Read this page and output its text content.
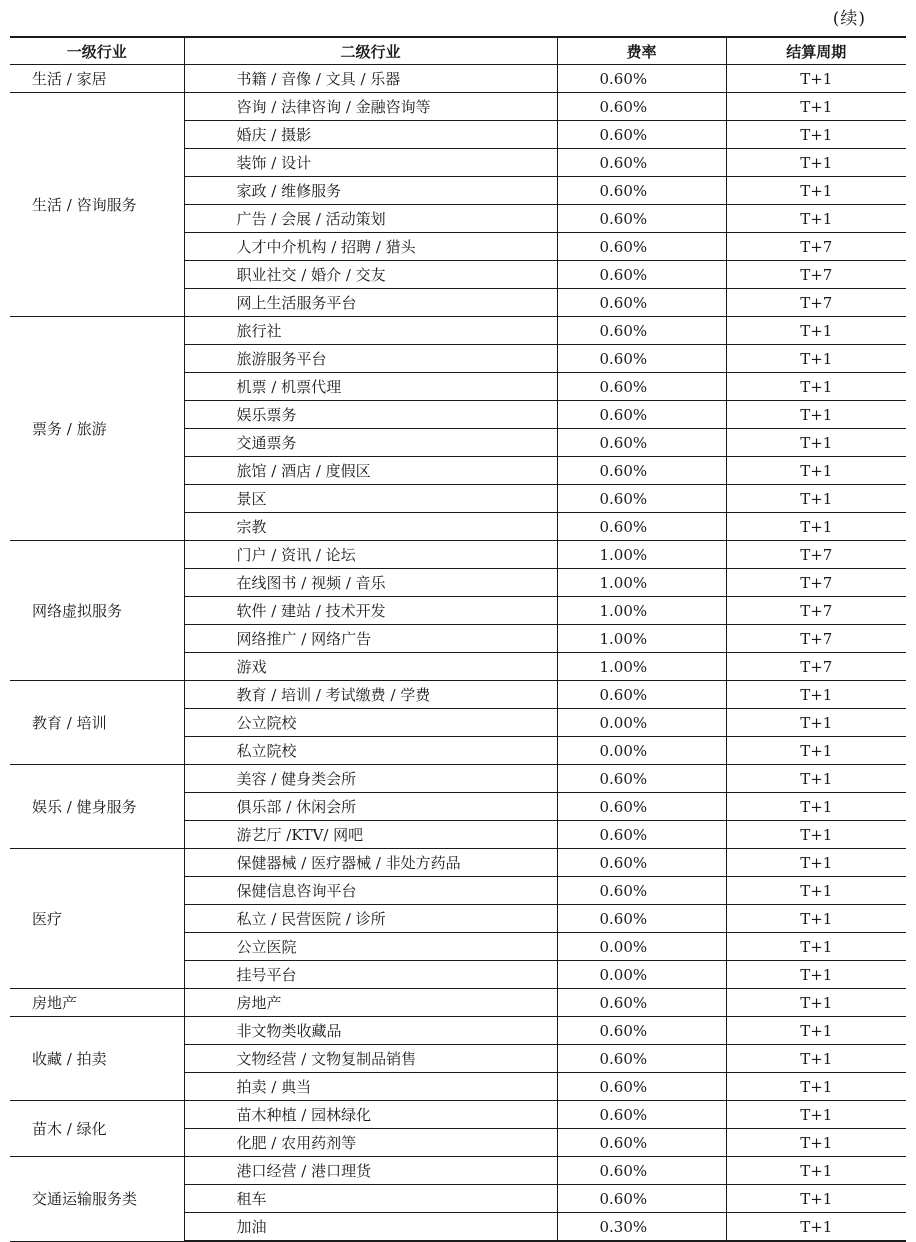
(续)
一级行业	二级行业	费率	结算周期
生活 / 家居	书籍 / 音像 / 文具 / 乐器	0.60%	T+1
生活 / 咨询服务	咨询 / 法律咨询 / 金融咨询等	0.60%	T+1
	婚庆 / 摄影	0.60%	T+1
	装饰 / 设计	0.60%	T+1
	家政 / 维修服务	0.60%	T+1
	广告 / 会展 / 活动策划	0.60%	T+1
	人才中介机构 / 招聘 / 猎头	0.60%	T+7
	职业社交 / 婚介 / 交友	0.60%	T+7
	网上生活服务平台	0.60%	T+7
票务 / 旅游	旅行社	0.60%	T+1
	旅游服务平台	0.60%	T+1
	机票 / 机票代理	0.60%	T+1
	娱乐票务	0.60%	T+1
	交通票务	0.60%	T+1
	旅馆 / 酒店 / 度假区	0.60%	T+1
	景区	0.60%	T+1
	宗教	0.60%	T+1
网络虚拟服务	门户 / 资讯 / 论坛	1.00%	T+7
	在线图书 / 视频 / 音乐	1.00%	T+7
	软件 / 建站 / 技术开发	1.00%	T+7
	网络推广 / 网络广告	1.00%	T+7
	游戏	1.00%	T+7
教育 / 培训	教育 / 培训 / 考试缴费 / 学费	0.60%	T+1
	公立院校	0.00%	T+1
	私立院校	0.00%	T+1
娱乐 / 健身服务	美容 / 健身类会所	0.60%	T+1
	俱乐部 / 休闲会所	0.60%	T+1
	游艺厅 /KTV/ 网吧	0.60%	T+1
医疗	保健器械 / 医疗器械 / 非处方药品	0.60%	T+1
	保健信息咨询平台	0.60%	T+1
	私立 / 民营医院 / 诊所	0.60%	T+1
	公立医院	0.00%	T+1
	挂号平台	0.00%	T+1
房地产	房地产	0.60%	T+1
收藏 / 拍卖	非文物类收藏品	0.60%	T+1
	文物经营 / 文物复制品销售	0.60%	T+1
	拍卖 / 典当	0.60%	T+1
苗木 / 绿化	苗木种植 / 园林绿化	0.60%	T+1
	化肥 / 农用药剂等	0.60%	T+1
交通运输服务类	港口经营 / 港口理货	0.60%	T+1
	租车	0.60%	T+1
	加油	0.30%	T+1
